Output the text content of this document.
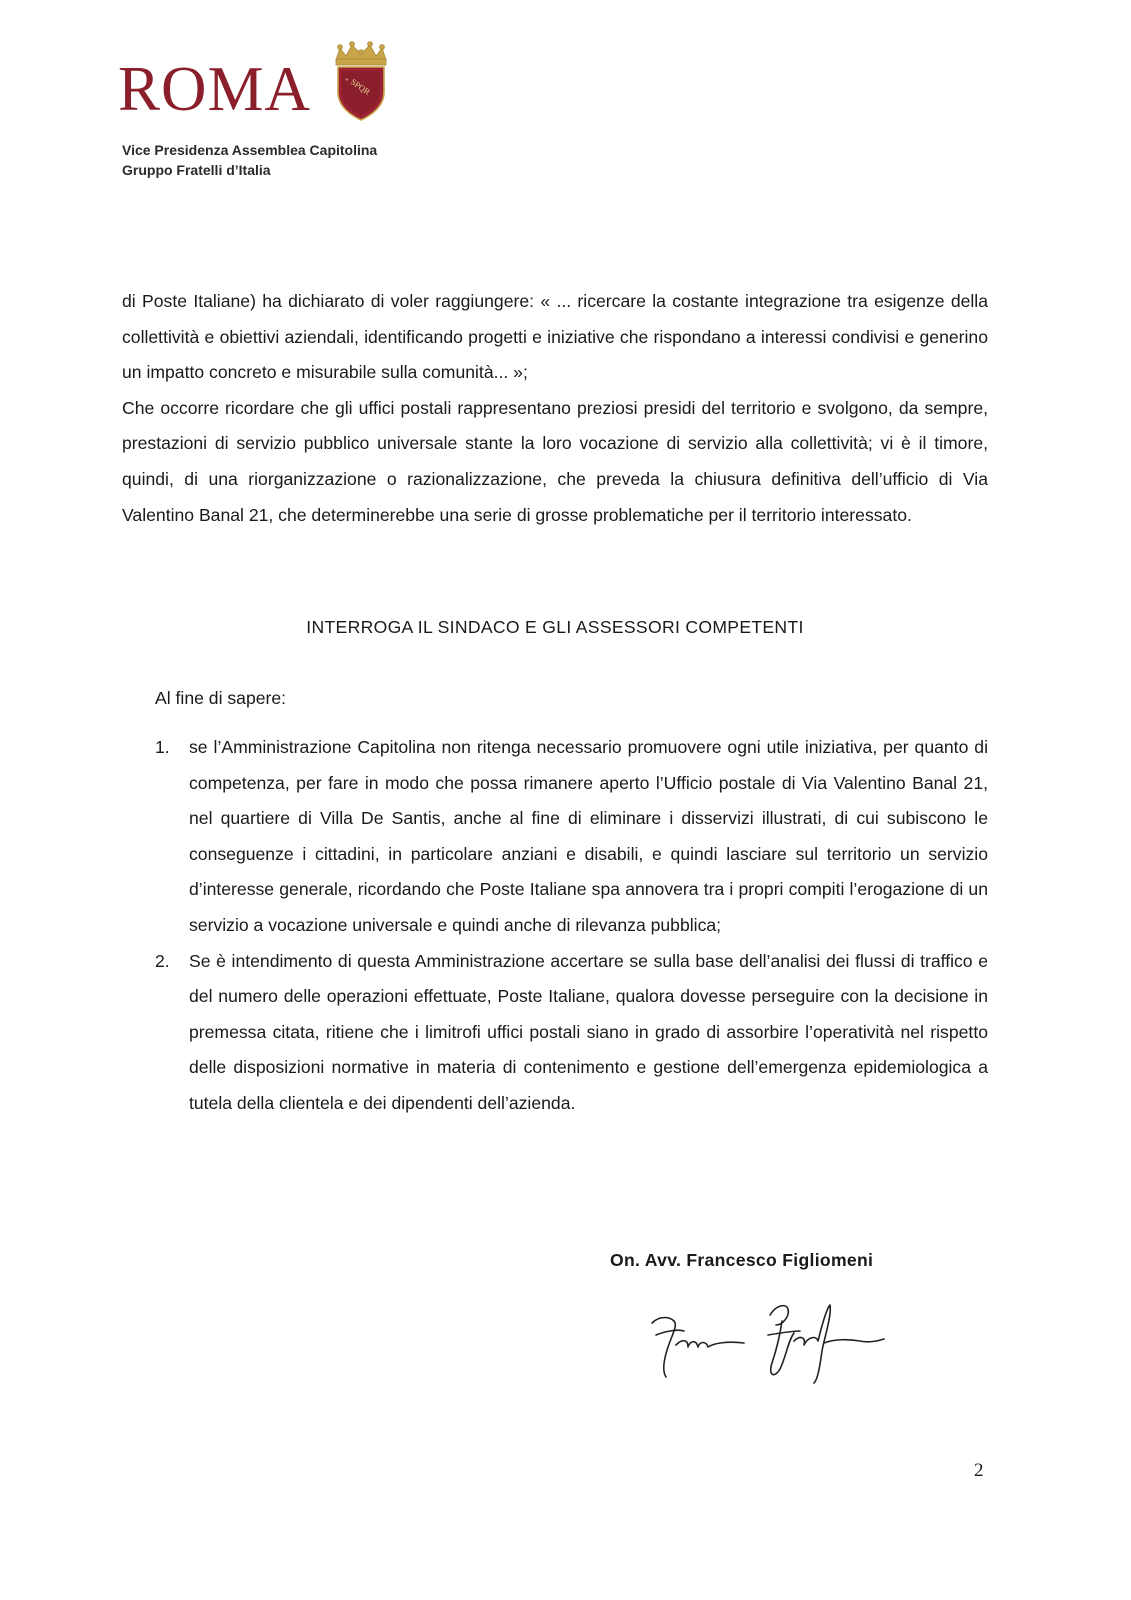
ROMA	+ SPQR
Vice Presidenza Assemblea Capitolina
Gruppo Fratelli d’Italia

di Poste Italiane) ha dichiarato di voler raggiungere: « ... ricercare la costante integrazione tra esigenze della collettività e obiettivi aziendali, identificando progetti e iniziative che rispondano a interessi condivisi e generino un impatto concreto e misurabile sulla comunità... »;

Che occorre ricordare che gli uffici postali rappresentano preziosi presidi del territorio e svolgono, da sempre, prestazioni di servizio pubblico universale stante la loro vocazione di servizio alla collettività; vi è il timore, quindi, di una riorganizzazione o razionalizzazione, che preveda la chiusura definitiva dell’ufficio di Via Valentino Banal 21, che determinerebbe una serie di grosse problematiche per il territorio interessato.

INTERROGA IL SINDACO E GLI ASSESSORI COMPETENTI
Al fine di sapere:
1. se l’Amministrazione Capitolina non ritenga necessario promuovere ogni utile iniziativa, per quanto di competenza, per fare in modo che possa rimanere aperto l’Ufficio postale di Via Valentino Banal 21, nel quartiere di Villa De Santis, anche al fine di eliminare i disservizi illustrati, di cui subiscono le conseguenze i cittadini, in particolare anziani e disabili, e quindi lasciare sul territorio un servizio d’interesse generale, ricordando che Poste Italiane spa annovera tra i propri compiti l’erogazione di un servizio a vocazione universale e quindi anche di rilevanza pubblica;
2. Se è intendimento di questa Amministrazione accertare se sulla base dell’analisi dei flussi di traffico e del numero delle operazioni effettuate, Poste Italiane, qualora dovesse perseguire con la decisione in premessa citata, ritiene che i limitrofi uffici postali siano in grado di assorbire l’operatività nel rispetto delle disposizioni normative in materia di contenimento e gestione dell’emergenza epidemiologica a tutela della clientela e dei dipendenti dell’azienda.
On. Avv. Francesco Figliomeni
2
